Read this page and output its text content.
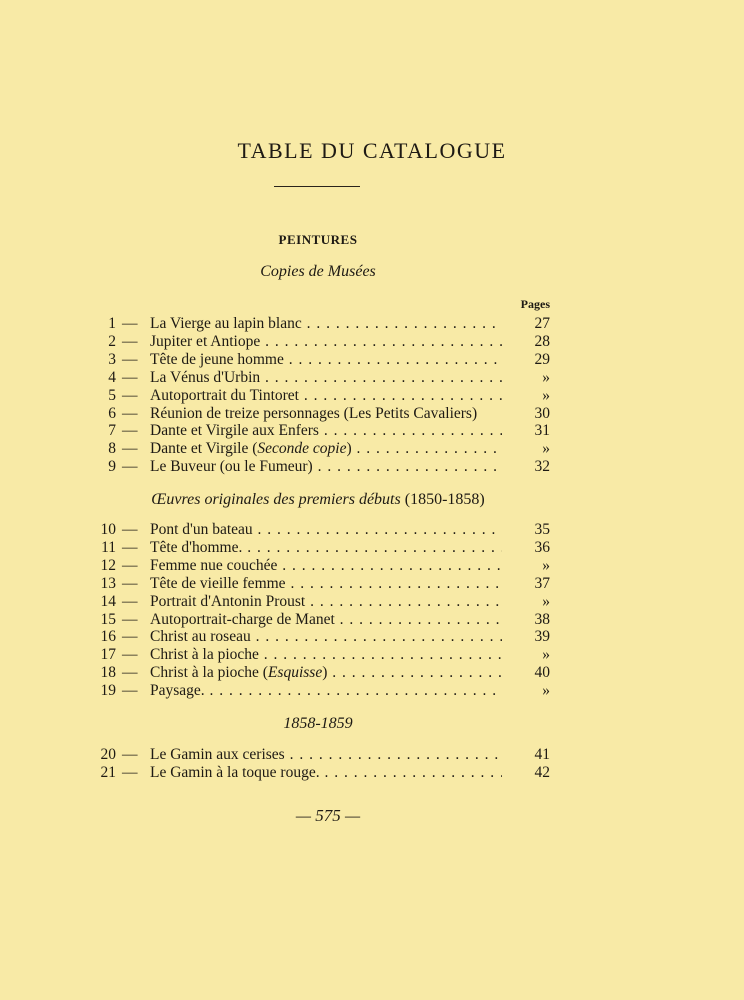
TABLE DU CATALOGUE
PEINTURES
Copies de Musées
Pages
Œuvres originales des premiers débuts (1850-1858)
1858-1859
1 — La Vierge au lapin blanc . . .	27
2 — Jupiter et Antiope . . .	28
3 — Tête de jeune homme . . .	29
4 — La Vénus d'Urbin . . .	»
5 — Autoportrait du Tintoret . . .	»
6 — Réunion de treize personnages (Les Petits Cavaliers)	30
7 — Dante et Virgile aux Enfers . . .	31
8 — Dante et Virgile (Seconde copie) . . .	»
9 — Le Buveur (ou le Fumeur) . . .	32
10 — Pont d'un bateau . . .	35
11 — Tête d'homme. . . .	36
12 — Femme nue couchée . . .	»
13 — Tête de vieille femme . . .	37
14 — Portrait d'Antonin Proust . . .	»
15 — Autoportrait-charge de Manet . . .	38
16 — Christ au roseau . . .	39
17 — Christ à la pioche . . .	»
18 — Christ à la pioche (Esquisse) . . .	40
19 — Paysage. . . .	»
20 — Le Gamin aux cerises . . .	41
21 — Le Gamin à la toque rouge. . . .	42
— 575 —
